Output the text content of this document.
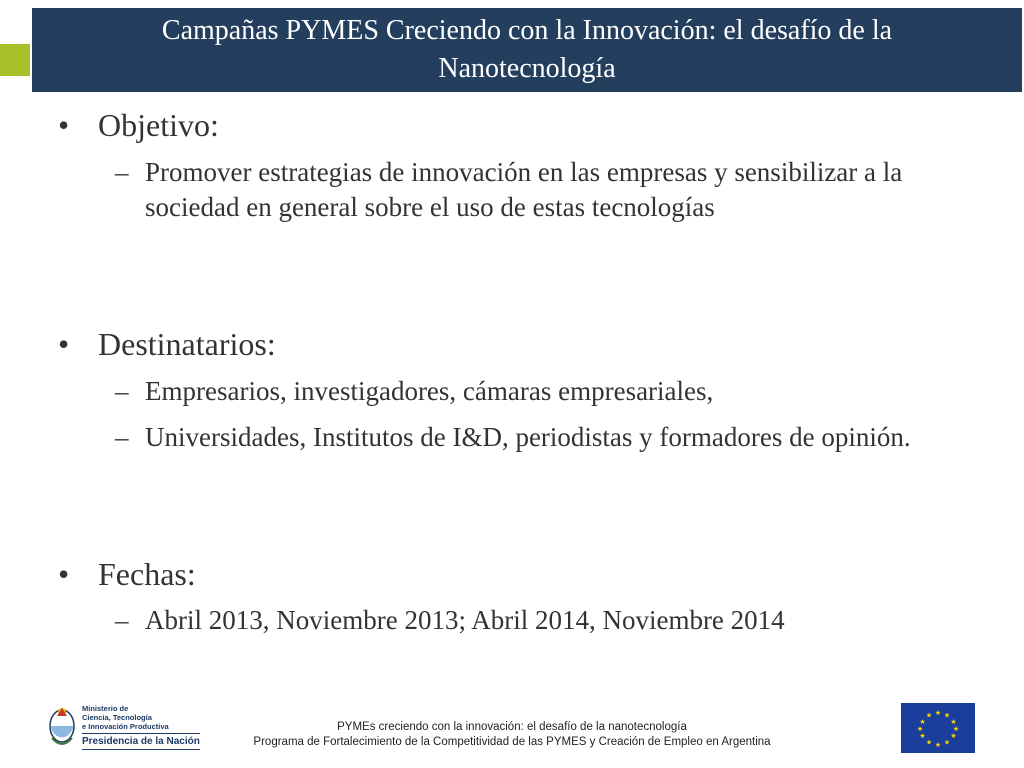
Campañas PYMES Creciendo con la Innovación: el desafío de la
Nanotecnología
• Objetivo:
– Promover estrategias de innovación en las empresas y sensibilizar a la sociedad en general sobre el uso de estas tecnologías
• Destinatarios:
– Empresarios, investigadores, cámaras empresariales,
– Universidades, Institutos de I&D, periodistas y formadores de opinión.
• Fechas:
– Abril 2013, Noviembre 2013; Abril 2014, Noviembre 2014
Ministerio de
Ciencia, Tecnología
e Innovación Productiva
Presidencia de la Nación
PYMEs creciendo con la innovación: el desafío de la nanotecnología
Programa de Fortalecimiento de la Competitividad de las PYMES y Creación de Empleo en Argentina
★ ★
★
★
★
★
★
★
★
★
★
★
